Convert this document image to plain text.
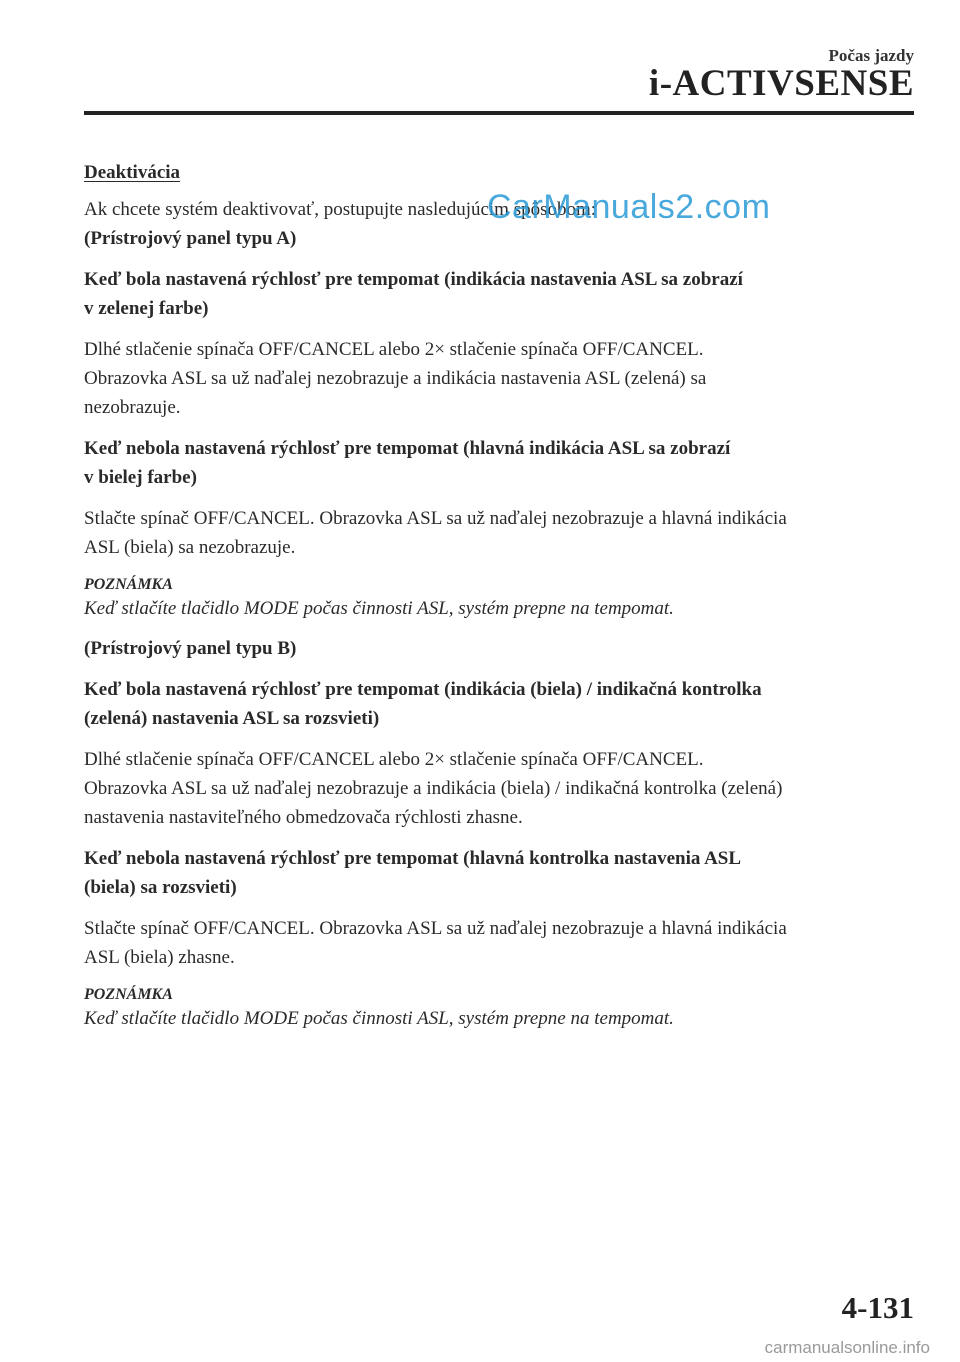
Počas jazdy
i-ACTIVSENSE

Deaktivácia

Ak chcete systém deaktivovať, postupujte nasledujúcim spôsobom:

(Prístrojový panel typu A)

Keď bola nastavená rýchlosť pre tempomat (indikácia nastavenia ASL sa zobrazí
v zelenej farbe)
Dlhé stlačenie spínača OFF/CANCEL alebo 2× stlačenie spínača OFF/CANCEL.
Obrazovka ASL sa už naďalej nezobrazuje a indikácia nastavenia ASL (zelená) sa
nezobrazuje.
Keď nebola nastavená rýchlosť pre tempomat (hlavná indikácia ASL sa zobrazí
v bielej farbe)
Stlačte spínač OFF/CANCEL. Obrazovka ASL sa už naďalej nezobrazuje a hlavná indikácia
ASL (biela) sa nezobrazuje.

POZNÁMKA

Keď stlačíte tlačidlo MODE počas činnosti ASL, systém prepne na tempomat.

(Prístrojový panel typu B)

Keď bola nastavená rýchlosť pre tempomat (indikácia (biela) / indikačná kontrolka
(zelená) nastavenia ASL sa rozsvieti)
Dlhé stlačenie spínača OFF/CANCEL alebo 2× stlačenie spínača OFF/CANCEL.
Obrazovka ASL sa už naďalej nezobrazuje a indikácia (biela) / indikačná kontrolka (zelená)
nastavenia nastaviteľného obmedzovača rýchlosti zhasne.
Keď nebola nastavená rýchlosť pre tempomat (hlavná kontrolka nastavenia ASL
(biela) sa rozsvieti)
Stlačte spínač OFF/CANCEL. Obrazovka ASL sa už naďalej nezobrazuje a hlavná indikácia
ASL (biela) zhasne.

POZNÁMKA

Keď stlačíte tlačidlo MODE počas činnosti ASL, systém prepne na tempomat.

CarManuals2.com
4-131
carmanualsonline.info
